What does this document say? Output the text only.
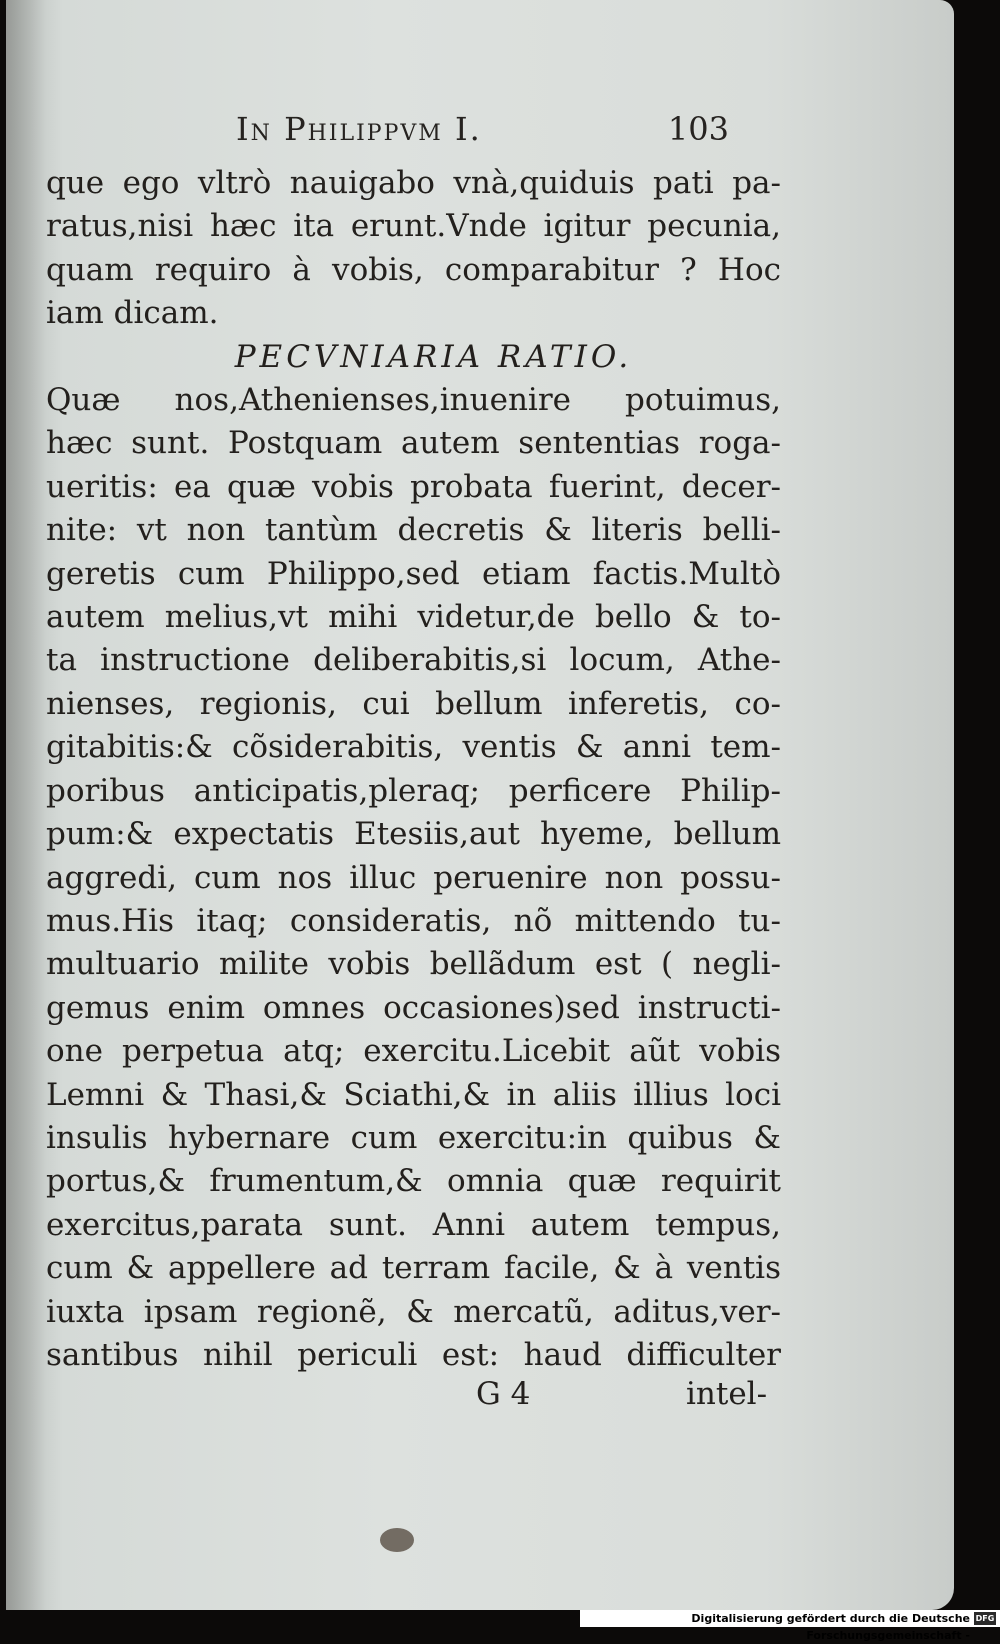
In Philippvm I.	103
que ego vltrò nauigabo vnà,quiduis pati pa-
ratus,nisi hæc ita erunt.Vnde igitur pecunia,
quam requiro à vobis, comparabitur ? Hoc
iam dicam.
PECVNIARIA RATIO.
Quæ nos,Athenienses,inuenire potuimus,
hæc sunt. Postquam autem sententias roga-
ueritis: ea quæ vobis probata fuerint, decer-
nite: vt non tantùm decretis & literis belli-
geretis cum Philippo,sed etiam factis.Multò
autem melius,vt mihi videtur,de bello & to-
ta instructione deliberabitis,si locum, Athe-
nienses, regionis, cui bellum inferetis, co-
gitabitis:& cõsiderabitis, ventis & anni tem-
poribus anticipatis,pleraq; perficere Philip-
pum:& expectatis Etesiis,aut hyeme, bellum
aggredi, cum nos illuc peruenire non possu-
mus.His itaq; consideratis, nõ mittendo tu-
multuario milite vobis bellãdum est ( negli-
gemus enim omnes occasiones)sed instructi-
one perpetua atq; exercitu.Licebit aũt vobis
Lemni & Thasi,& Sciathi,& in aliis illius loci
insulis hybernare cum exercitu:in quibus &
portus,& frumentum,& omnia quæ requirit
exercitus,parata sunt. Anni autem tempus,
cum & appellere ad terram facile, & à ventis
iuxta ipsam regionẽ, & mercatũ, aditus,ver-
santibus nihil periculi est: haud difficulter
G 4	intel-
Digitalisierung gefördert durch die Deutsche Forschungsgemeinschaft -
DFG
